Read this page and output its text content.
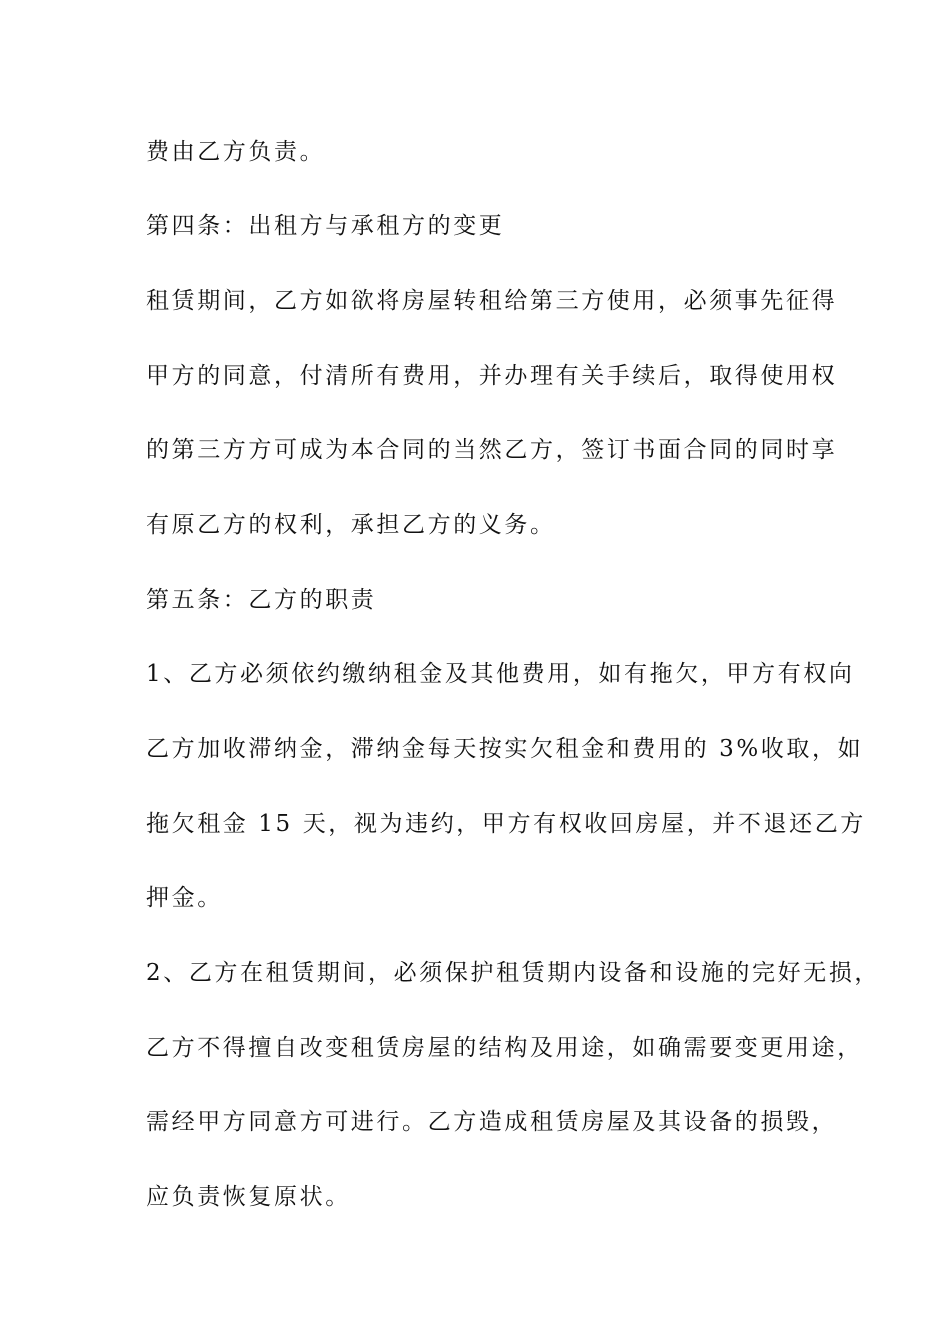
费由乙方负责。

第四条：出租方与承租方的变更

租赁期间，乙方如欲将房屋转租给第三方使用，必须事先征得

甲方的同意，付清所有费用，并办理有关手续后，取得使用权

的第三方方可成为本合同的当然乙方，签订书面合同的同时享

有原乙方的权利，承担乙方的义务。

第五条：乙方的职责

1、乙方必须依约缴纳租金及其他费用，如有拖欠，甲方有权向

乙方加收滞纳金，滞纳金每天按实欠租金和费用的 3%收取，如

拖欠租金 15 天，视为违约，甲方有权收回房屋，并不退还乙方

押金。

2、乙方在租赁期间，必须保护租赁期内设备和设施的完好无损，

乙方不得擅自改变租赁房屋的结构及用途，如确需要变更用途，

需经甲方同意方可进行。乙方造成租赁房屋及其设备的损毁，

应负责恢复原状。
